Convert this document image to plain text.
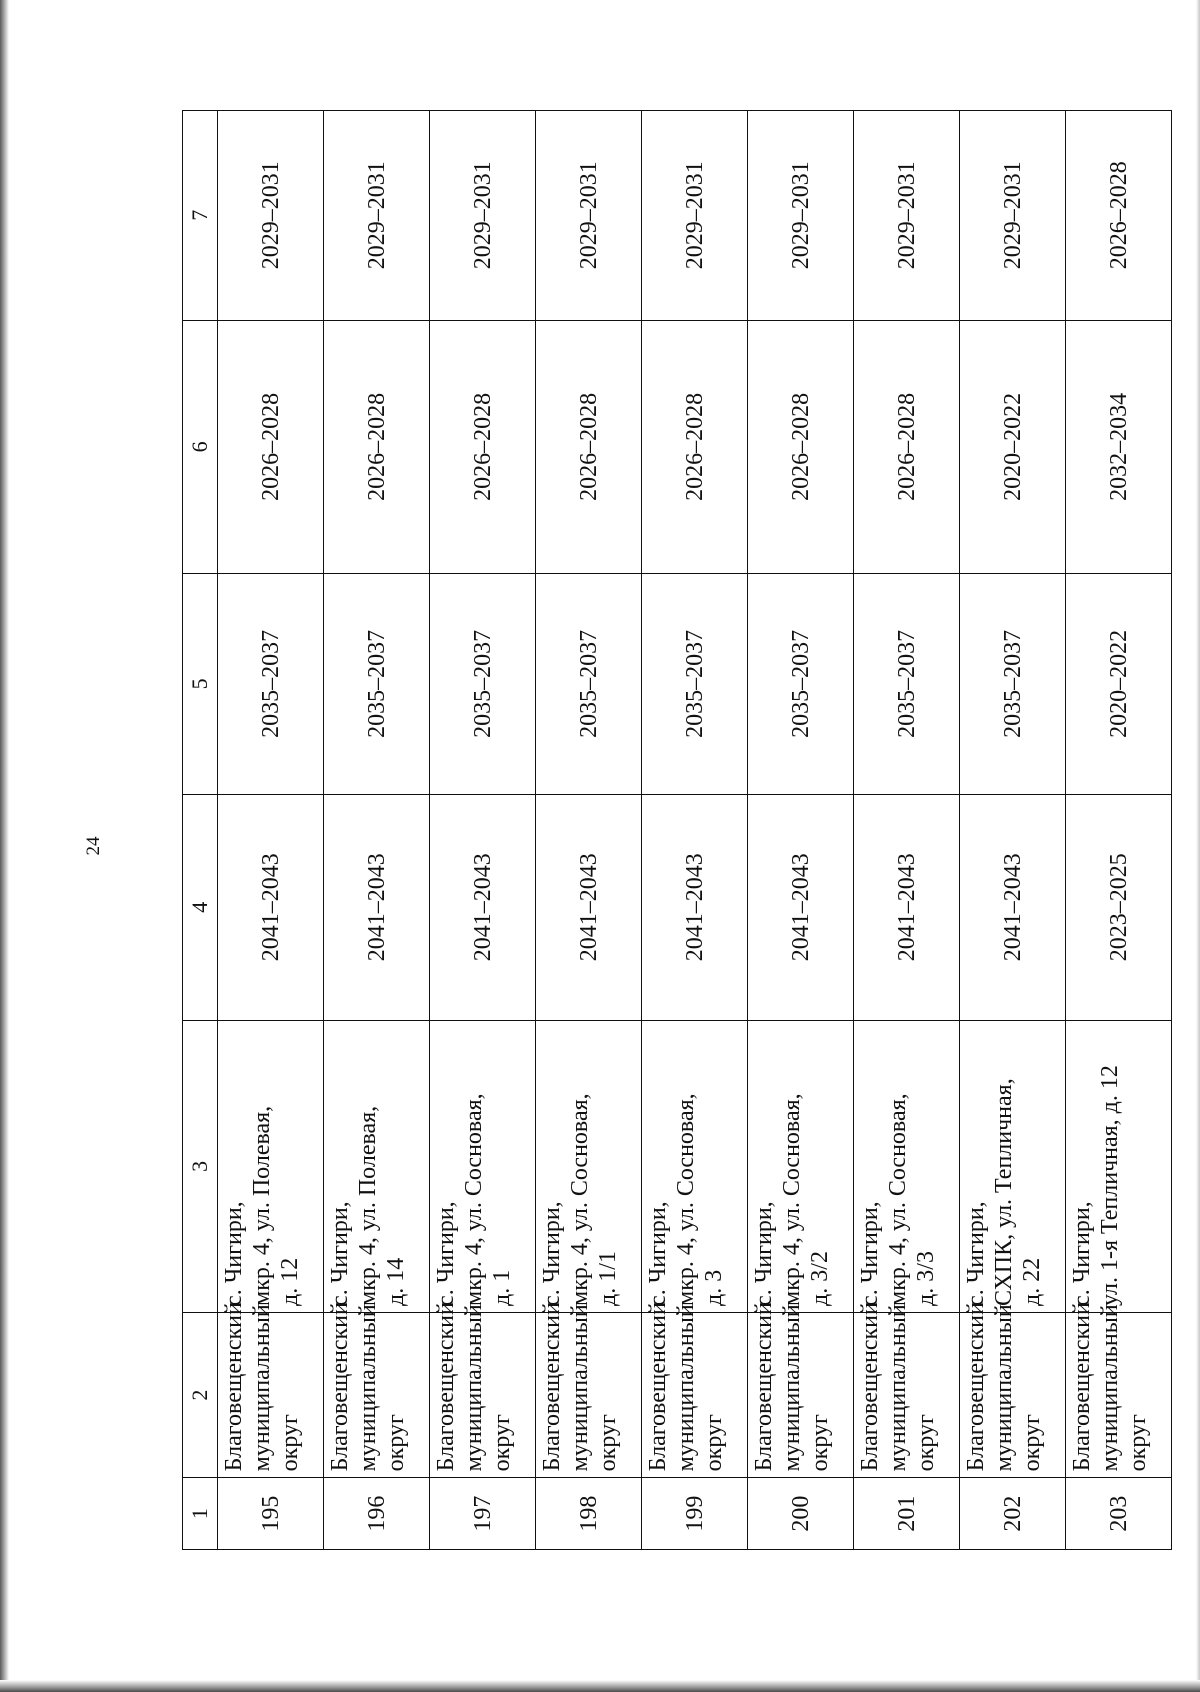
24
1	2	3	4	5	6	7
195	Благовещенский муниципальный округ	с. Чигири, мкр. 4, ул. Полевая, д. 12	2041–2043	2035–2037	2026–2028	2029–2031
196	Благовещенский муниципальный округ	с. Чигири, мкр. 4, ул. Полевая, д. 14	2041–2043	2035–2037	2026–2028	2029–2031
197	Благовещенский муниципальный округ	с. Чигири, мкр. 4, ул. Сосновая, д. 1	2041–2043	2035–2037	2026–2028	2029–2031
198	Благовещенский муниципальный округ	с. Чигири, мкр. 4, ул. Сосновая, д. 1/1	2041–2043	2035–2037	2026–2028	2029–2031
199	Благовещенский муниципальный округ	с. Чигири, мкр. 4, ул. Сосновая, д. 3	2041–2043	2035–2037	2026–2028	2029–2031
200	Благовещенский муниципальный округ	с. Чигири, мкр. 4, ул. Сосновая, д. 3/2	2041–2043	2035–2037	2026–2028	2029–2031
201	Благовещенский муниципальный округ	с. Чигири, мкр. 4, ул. Сосновая, д. 3/3	2041–2043	2035–2037	2026–2028	2029–2031
202	Благовещенский муниципальный округ	с. Чигири, СХПК, ул. Тепличная, д. 22	2041–2043	2035–2037	2020–2022	2029–2031
203	Благовещенский муниципальный округ	с. Чигири, ул. 1-я Тепличная, д. 12	2023–2025	2020–2022	2032–2034	2026–2028
